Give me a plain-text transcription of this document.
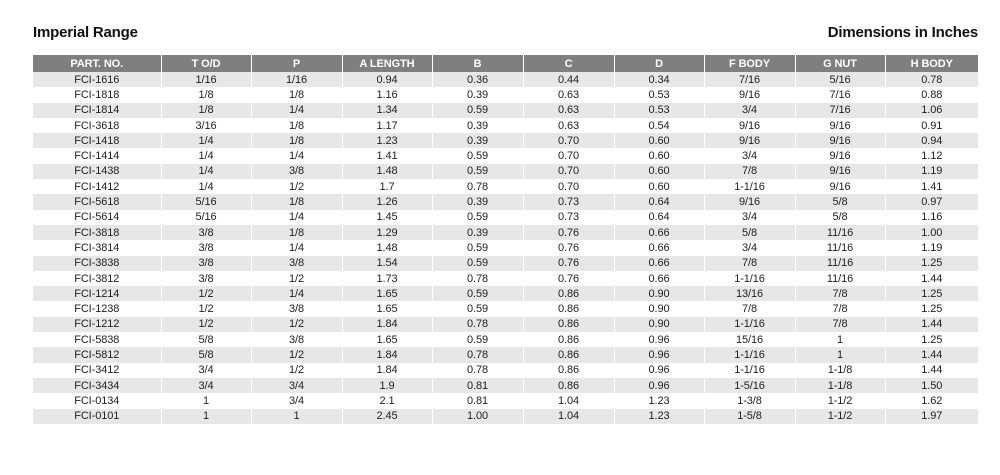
Imperial Range	Dimensions in Inches
PART. NO.	T O/D	P	A LENGTH	B	C	D	F BODY	G NUT	H BODY
FCI-1616	1/16	1/16	0.94	0.36	0.44	0.34	7/16	5/16	0.78
FCI-1818	1/8	1/8	1.16	0.39	0.63	0.53	9/16	7/16	0.88
FCI-1814	1/8	1/4	1.34	0.59	0.63	0.53	3/4	7/16	1.06
FCI-3618	3/16	1/8	1.17	0.39	0.63	0.54	9/16	9/16	0.91
FCI-1418	1/4	1/8	1.23	0.39	0.70	0.60	9/16	9/16	0.94
FCI-1414	1/4	1/4	1.41	0.59	0.70	0.60	3/4	9/16	1.12
FCI-1438	1/4	3/8	1.48	0.59	0.70	0.60	7/8	9/16	1.19
FCI-1412	1/4	1/2	1.7	0.78	0.70	0.60	1-1/16	9/16	1.41
FCI-5618	5/16	1/8	1.26	0.39	0.73	0.64	9/16	5/8	0.97
FCI-5614	5/16	1/4	1.45	0.59	0.73	0.64	3/4	5/8	1.16
FCI-3818	3/8	1/8	1.29	0.39	0.76	0.66	5/8	11/16	1.00
FCI-3814	3/8	1/4	1.48	0.59	0.76	0.66	3/4	11/16	1.19
FCI-3838	3/8	3/8	1.54	0.59	0.76	0.66	7/8	11/16	1.25
FCI-3812	3/8	1/2	1.73	0.78	0.76	0.66	1-1/16	11/16	1.44
FCI-1214	1/2	1/4	1.65	0.59	0.86	0.90	13/16	7/8	1.25
FCI-1238	1/2	3/8	1.65	0.59	0.86	0.90	7/8	7/8	1.25
FCI-1212	1/2	1/2	1.84	0.78	0.86	0.90	1-1/16	7/8	1.44
FCI-5838	5/8	3/8	1.65	0.59	0.86	0.96	15/16	1	1.25
FCI-5812	5/8	1/2	1.84	0.78	0.86	0.96	1-1/16	1	1.44
FCI-3412	3/4	1/2	1.84	0.78	0.86	0.96	1-1/16	1-1/8	1.44
FCI-3434	3/4	3/4	1.9	0.81	0.86	0.96	1-5/16	1-1/8	1.50
FCI-0134	1	3/4	2.1	0.81	1.04	1.23	1-3/8	1-1/2	1.62
FCI-0101	1	1	2.45	1.00	1.04	1.23	1-5/8	1-1/2	1.97
